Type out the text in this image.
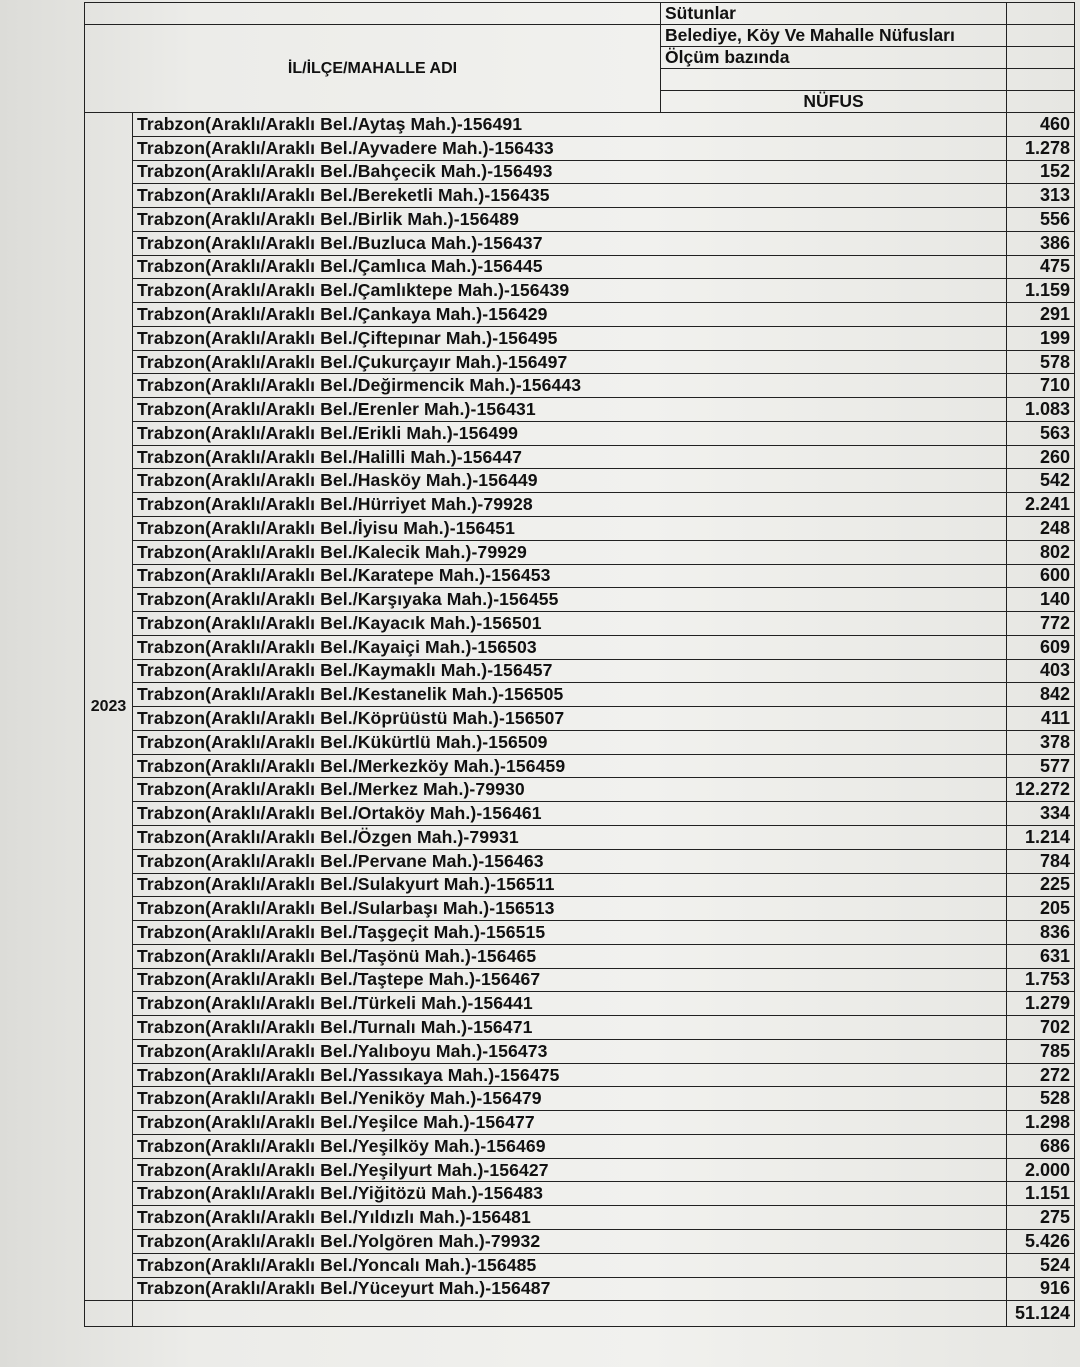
		Sütunlar	
İL/İLÇE/MAHALLE ADI		Belediye, Köy Ve Mahalle Nüfusları	
		Ölçüm bazında	

		NÜFUS	
2023	Trabzon(Araklı/Araklı Bel./Aytaş Mah.)-156491		460
	Trabzon(Araklı/Araklı Bel./Ayvadere Mah.)-156433		1.278
	Trabzon(Araklı/Araklı Bel./Bahçecik Mah.)-156493		152
	Trabzon(Araklı/Araklı Bel./Bereketli Mah.)-156435		313
	Trabzon(Araklı/Araklı Bel./Birlik Mah.)-156489		556
	Trabzon(Araklı/Araklı Bel./Buzluca Mah.)-156437		386
	Trabzon(Araklı/Araklı Bel./Çamlıca Mah.)-156445		475
	Trabzon(Araklı/Araklı Bel./Çamlıktepe Mah.)-156439		1.159
	Trabzon(Araklı/Araklı Bel./Çankaya Mah.)-156429		291
	Trabzon(Araklı/Araklı Bel./Çiftepınar Mah.)-156495		199
	Trabzon(Araklı/Araklı Bel./Çukurçayır Mah.)-156497		578
	Trabzon(Araklı/Araklı Bel./Değirmencik Mah.)-156443		710
	Trabzon(Araklı/Araklı Bel./Erenler Mah.)-156431		1.083
	Trabzon(Araklı/Araklı Bel./Erikli Mah.)-156499		563
	Trabzon(Araklı/Araklı Bel./Halilli Mah.)-156447		260
	Trabzon(Araklı/Araklı Bel./Hasköy Mah.)-156449		542
	Trabzon(Araklı/Araklı Bel./Hürriyet Mah.)-79928		2.241
	Trabzon(Araklı/Araklı Bel./İyisu Mah.)-156451		248
	Trabzon(Araklı/Araklı Bel./Kalecik Mah.)-79929		802
	Trabzon(Araklı/Araklı Bel./Karatepe Mah.)-156453		600
	Trabzon(Araklı/Araklı Bel./Karşıyaka Mah.)-156455		140
	Trabzon(Araklı/Araklı Bel./Kayacık Mah.)-156501		772
	Trabzon(Araklı/Araklı Bel./Kayaiçi Mah.)-156503		609
	Trabzon(Araklı/Araklı Bel./Kaymaklı Mah.)-156457		403
	Trabzon(Araklı/Araklı Bel./Kestanelik Mah.)-156505		842
	Trabzon(Araklı/Araklı Bel./Köprüüstü Mah.)-156507		411
	Trabzon(Araklı/Araklı Bel./Kükürtlü Mah.)-156509		378
	Trabzon(Araklı/Araklı Bel./Merkezköy Mah.)-156459		577
	Trabzon(Araklı/Araklı Bel./Merkez Mah.)-79930		12.272
	Trabzon(Araklı/Araklı Bel./Ortaköy Mah.)-156461		334
	Trabzon(Araklı/Araklı Bel./Özgen Mah.)-79931		1.214
	Trabzon(Araklı/Araklı Bel./Pervane Mah.)-156463		784
	Trabzon(Araklı/Araklı Bel./Sulakyurt Mah.)-156511		225
	Trabzon(Araklı/Araklı Bel./Sularbaşı Mah.)-156513		205
	Trabzon(Araklı/Araklı Bel./Taşgeçit Mah.)-156515		836
	Trabzon(Araklı/Araklı Bel./Taşönü Mah.)-156465		631
	Trabzon(Araklı/Araklı Bel./Taştepe Mah.)-156467		1.753
	Trabzon(Araklı/Araklı Bel./Türkeli Mah.)-156441		1.279
	Trabzon(Araklı/Araklı Bel./Turnalı Mah.)-156471		702
	Trabzon(Araklı/Araklı Bel./Yalıboyu Mah.)-156473		785
	Trabzon(Araklı/Araklı Bel./Yassıkaya Mah.)-156475		272
	Trabzon(Araklı/Araklı Bel./Yeniköy Mah.)-156479		528
	Trabzon(Araklı/Araklı Bel./Yeşilce Mah.)-156477		1.298
	Trabzon(Araklı/Araklı Bel./Yeşilköy Mah.)-156469		686
	Trabzon(Araklı/Araklı Bel./Yeşilyurt Mah.)-156427		2.000
	Trabzon(Araklı/Araklı Bel./Yiğitözü Mah.)-156483		1.151
	Trabzon(Araklı/Araklı Bel./Yıldızlı Mah.)-156481		275
	Trabzon(Araklı/Araklı Bel./Yolgören Mah.)-79932		5.426
	Trabzon(Araklı/Araklı Bel./Yoncalı Mah.)-156485		524
	Trabzon(Araklı/Araklı Bel./Yüceyurt Mah.)-156487		916
			51.124
